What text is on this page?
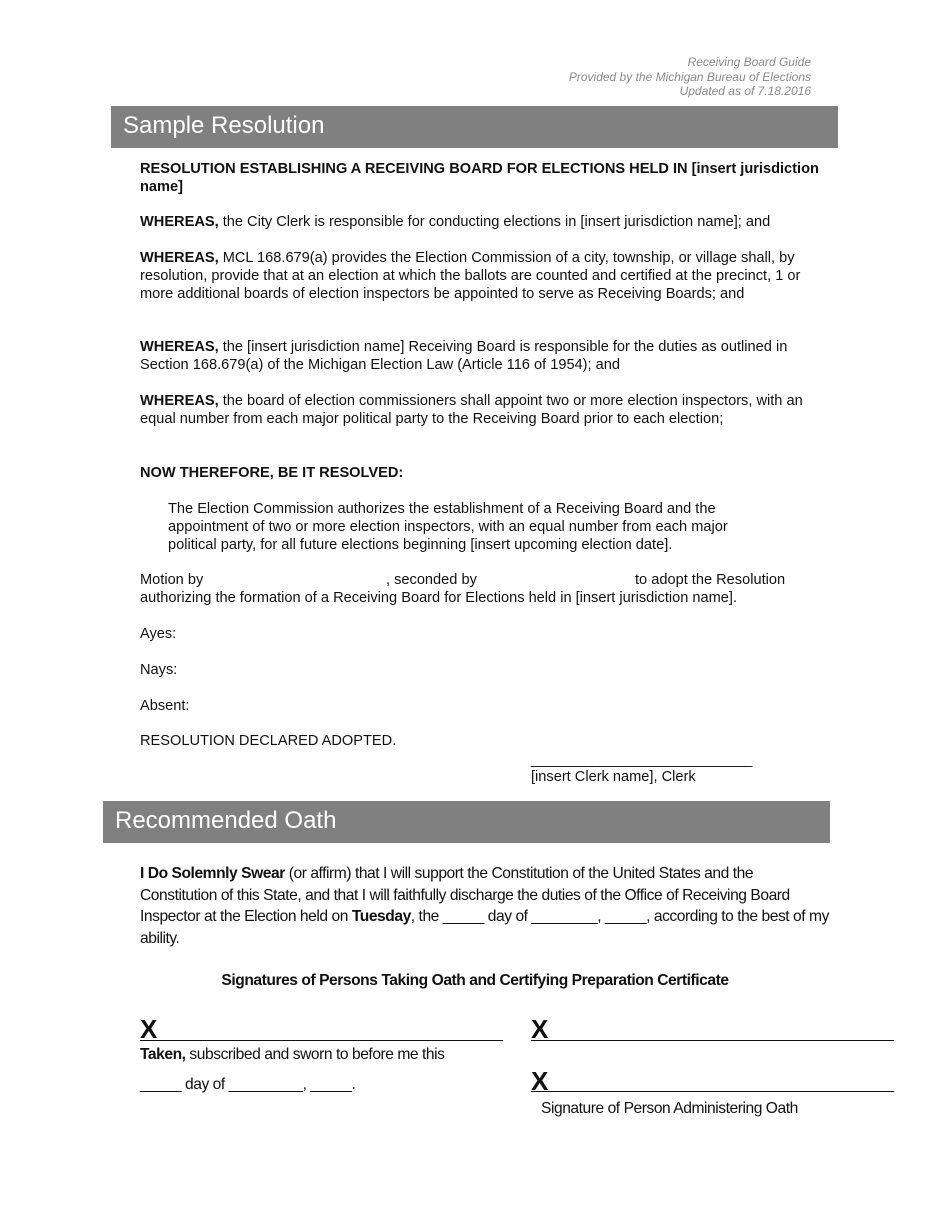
Receiving Board Guide
Provided by the Michigan Bureau of Elections
Updated as of 7.18.2016
Sample Resolution

RESOLUTION ESTABLISHING A RECEIVING BOARD FOR ELECTIONS HELD IN [insert jurisdiction name]

WHEREAS, the City Clerk is responsible for conducting elections in [insert jurisdiction name]; and

WHEREAS, MCL 168.679(a) provides the Election Commission of a city, township, or village shall, by resolution, provide that at an election at which the ballots are counted and certified at the precinct, 1 or more additional boards of election inspectors be appointed to serve as Receiving Boards; and

WHEREAS, the [insert jurisdiction name] Receiving Board is responsible for the duties as outlined in Section 168.679(a) of the Michigan Election Law (Article 116 of 1954); and

WHEREAS, the board of election commissioners shall appoint two or more election inspectors, with an equal number from each major political party to the Receiving Board prior to each election;

NOW THEREFORE, BE IT RESOLVED:

The Election Commission authorizes the establishment of a Receiving Board and the appointment of two or more election inspectors, with an equal number from each major political party, for all future elections beginning [insert upcoming election date].

Motion by	, seconded by	to adopt the Resolution
authorizing the formation of a Receiving Board for Elections held in [insert jurisdiction name].

Ayes:

Nays:

Absent:

RESOLUTION DECLARED ADOPTED.

_____________________________

[insert Clerk name], Clerk

Recommended Oath
I Do Solemnly Swear (or affirm) that I will support the Constitution of the United States and the Constitution of this State, and that I will faithfully discharge the duties of the Office of Receiving Board Inspector at the Election held on Tuesday, the _____ day of ________, _____, according to the best of my ability.
Signatures of Persons Taking Oath and Certifying Preparation Certificate
X	X
Taken, subscribed and sworn to before me this
_____ day of _________, _____.	X
Signature of Person Administering Oath
